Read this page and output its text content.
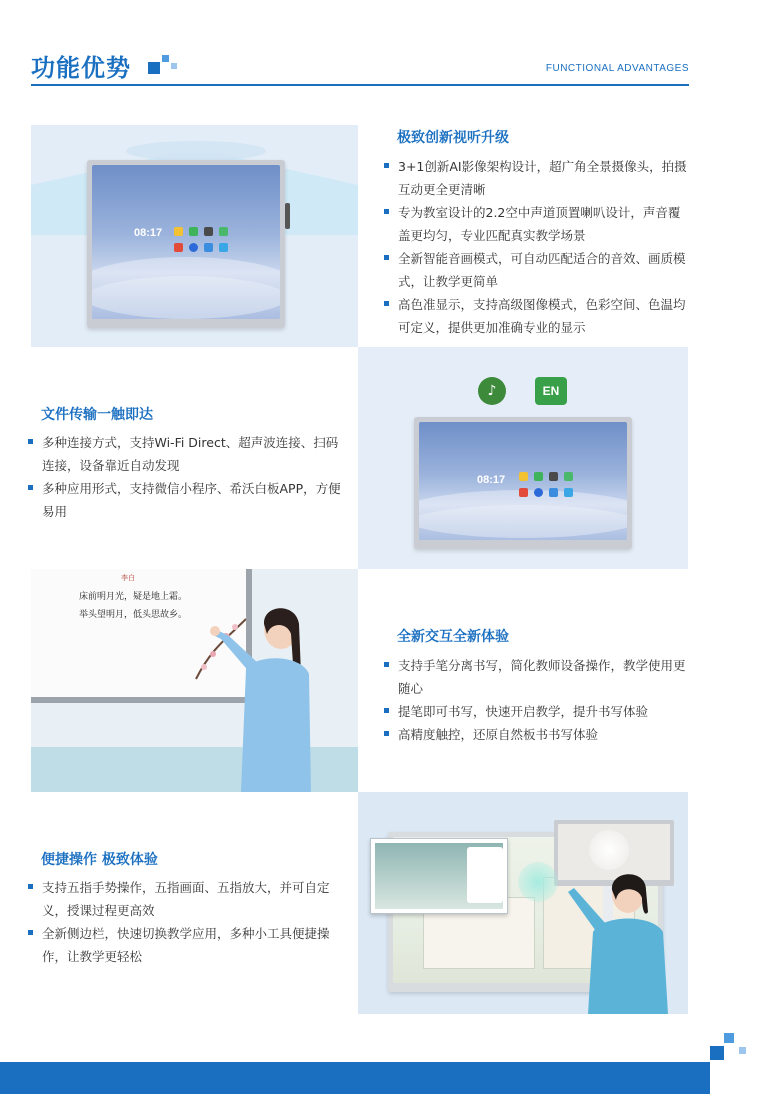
功能优势	FUNCTIONAL ADVANTAGES
08:17
极致创新视听升级
3+1创新AI影像架构设计，超广角全景摄像头，拍摄互动更全更清晰
专为教室设计的2.2空中声道顶置喇叭设计，声音覆盖更均匀，专业匹配真实教学场景
全新智能音画模式，可自动匹配适合的音效、画质模式，让教学更简单
高色准显示，支持高级图像模式，色彩空间、色温均可定义，提供更加准确专业的显示
♪	EN
08:17
文件传输一触即达
多种连接方式，支持Wi-Fi Direct、超声波连接、扫码连接，设备靠近自动发现
多种应用形式，支持微信小程序、希沃白板APP，方便易用
李白
床前明月光，疑是地上霜。
举头望明月，低头思故乡。
全新交互全新体验
支持手笔分离书写，简化教师设备操作，教学使用更随心
提笔即可书写，快速开启教学，提升书写体验
高精度触控，还原自然板书书写体验
便捷操作 极致体验
支持五指手势操作，五指画面、五指放大，并可自定义，授课过程更高效
全新侧边栏，快速切换教学应用，多种小工具便捷操作，让教学更轻松
